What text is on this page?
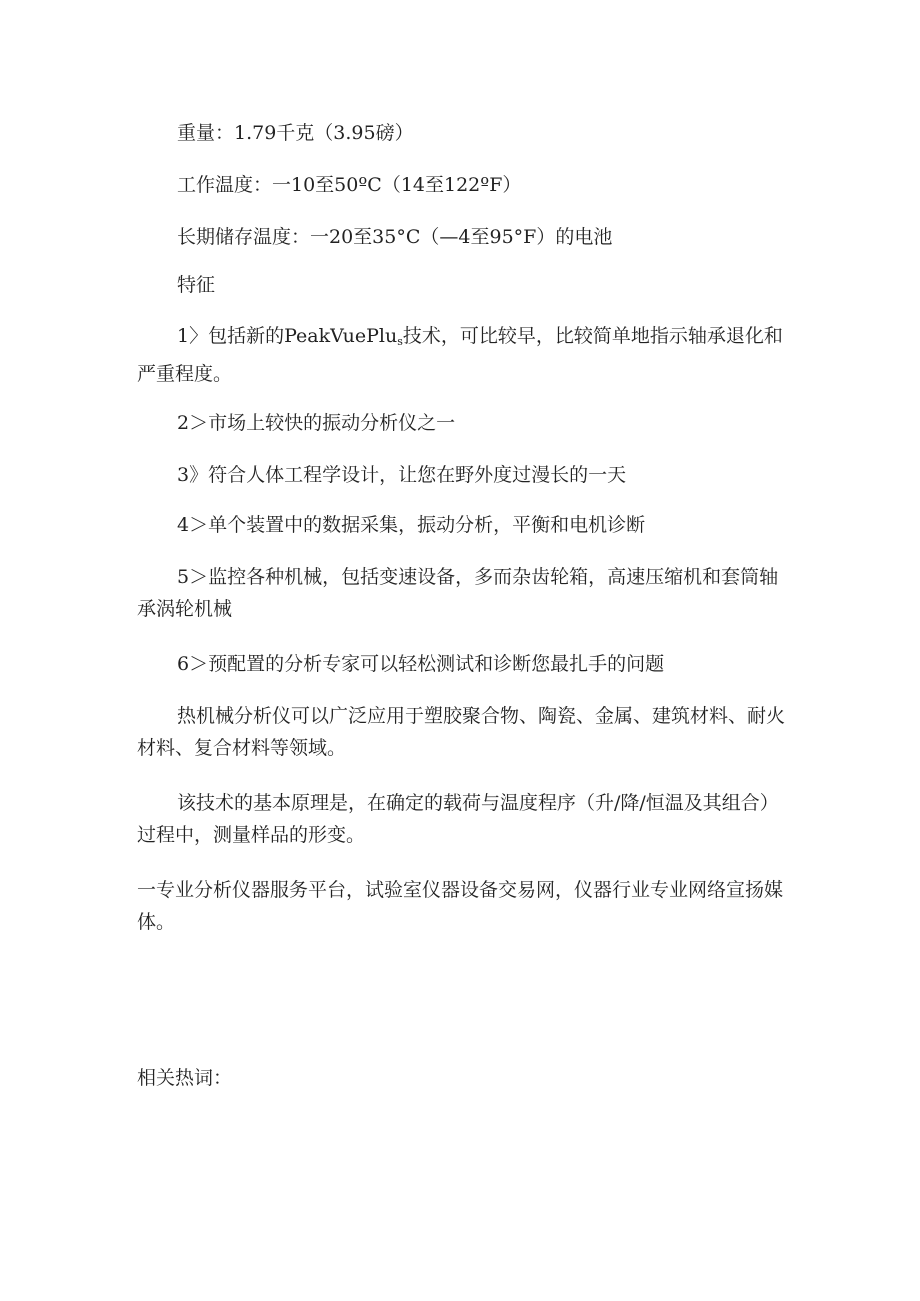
重量：1.79千克（3.95磅）

工作温度：一10至50ºC（14至122ºF）

长期储存温度：一20至35°C（—4至95°F）的电池

特征

1〉包括新的PeakVuePlu$_s$技术，可比较早，比较简单地指示轴承退化和严重程度。

2＞市场上较快的振动分析仪之一

3》符合人体工程学设计，让您在野外度过漫长的一天

4＞单个装置中的数据采集，振动分析，平衡和电机诊断

5＞监控各种机械，包括变速设备，多而杂齿轮箱，高速压缩机和套筒轴承涡轮机械

6＞预配置的分析专家可以轻松测试和诊断您最扎手的问题

热机械分析仪可以广泛应用于塑胶聚合物、陶瓷、金属、建筑材料、耐火材料、复合材料等领域。

该技术的基本原理是，在确定的载荷与温度程序（升/降/恒温及其组合）过程中，测量样品的形变。

一专业分析仪器服务平台，试验室仪器设备交易网，仪器行业专业网络宣扬媒体。

相关热词：
